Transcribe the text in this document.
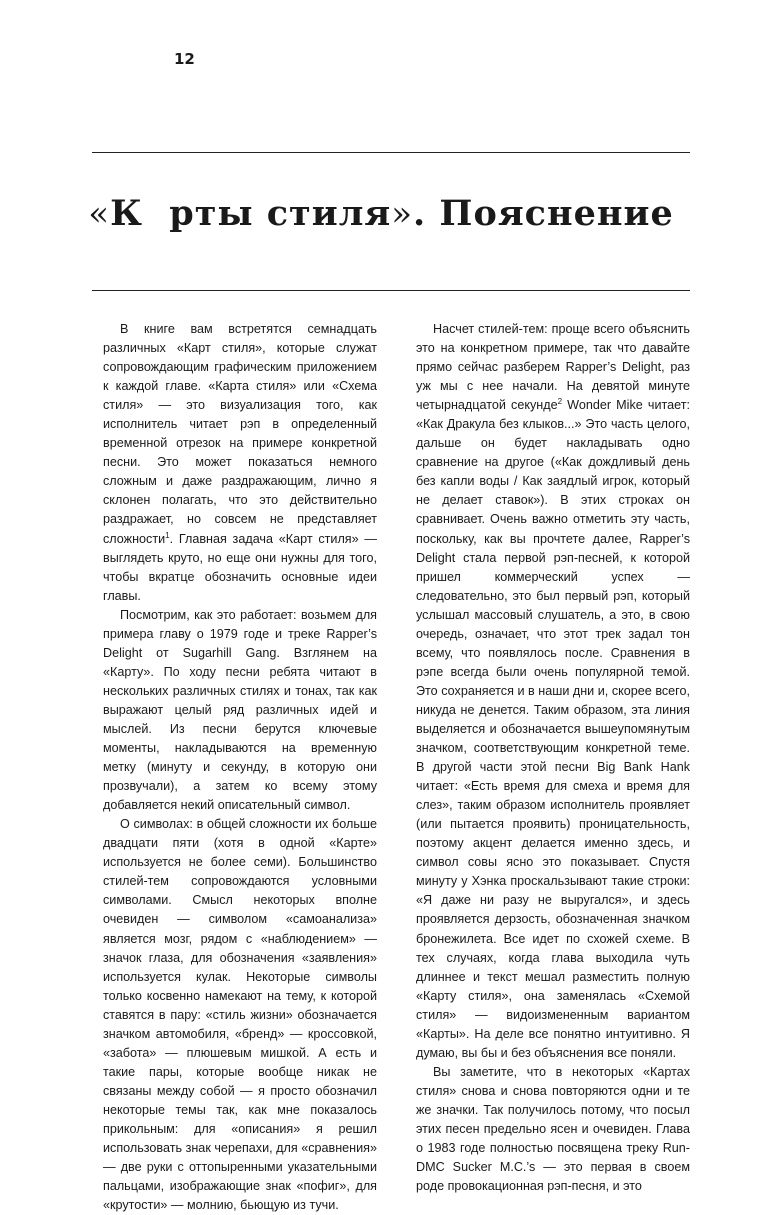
12
«К  рты стиля». Пояснение

В книге вам встретятся семнадцать различных «Карт стиля», которые служат сопровождающим графическим приложением к каждой главе. «Карта стиля» или «Схема стиля» — это визуализация того, как исполнитель читает рэп в определенный временной отрезок на примере конкретной песни. Это может показаться немного сложным и даже раздражающим, лично я склонен полагать, что это действительно раздражает, но совсем не представляет сложности$^1$. Главная задача «Карт стиля» — выглядеть круто, но еще они нужны для того, чтобы вкратце обозначить основные идеи главы.

Посмотрим, как это работает: возьмем для примера главу о 1979 годе и треке Rapper’s Delight от Sugarhill Gang. Взглянем на «Карту». По ходу песни ребята читают в нескольких различных стилях и тонах, так как выражают целый ряд различных идей и мыслей. Из песни берутся ключевые моменты, накладываются на временную метку (минуту и секунду, в которую они прозвучали), а затем ко всему этому добавляется некий описательный символ.

О символах: в общей сложности их больше двадцати пяти (хотя в одной «Карте» используется не более семи). Большинство стилей-тем сопровождаются условными символами. Смысл некоторых вполне очевиден — символом «самоанализа» является мозг, рядом с «наблюдением» — значок глаза, для обозначения «заявления» используется кулак. Некоторые символы только косвенно намекают на тему, к которой ставятся в пару: «стиль жизни» обозначается значком автомобиля, «бренд» — кроссовкой, «забота» — плюшевым мишкой. А есть и такие пары, которые вообще никак не связаны между собой — я просто обозначил некоторые темы так, как мне показалось прикольным: для «описания» я решил использовать знак черепахи, для «сравнения» — две руки с оттопыренными указательными пальцами, изображающие знак «пофиг», для «крутости» — молнию, бьющую из тучи.

Насчет стилей-тем: проще всего объяснить это на конкретном примере, так что давайте прямо сейчас разберем Rapper’s Delight, раз уж мы с нее начали. На девятой минуте четырнадцатой секунде$^2$ Wonder Mike читает: «Как Дракула без клыков...» Это часть целого, дальше он будет накладывать одно сравнение на другое («Как дождливый день без капли воды / Как заядлый игрок, который не делает ставок»). В этих строках он сравнивает. Очень важно отметить эту часть, поскольку, как вы прочтете далее, Rapper’s Delight стала первой рэп-песней, к которой пришел коммерческий успех — следовательно, это был первый рэп, который услышал массовый слушатель, а это, в свою очередь, означает, что этот трек задал тон всему, что появлялось после. Сравнения в рэпе всегда были очень популярной темой. Это сохраняется и в наши дни и, скорее всего, никуда не денется. Таким образом, эта линия выделяется и обозначается вышеупомянутым значком, соответствующим конкретной теме. В другой части этой песни Big Bank Hank читает: «Есть время для смеха и время для слез», таким образом исполнитель проявляет (или пытается проявить) проницательность, поэтому акцент делается именно здесь, и символ совы ясно это показывает. Спустя минуту у Хэнка проскальзывают такие строки: «Я даже ни разу не выругался», и здесь проявляется дерзость, обозначенная значком бронежилета. Все идет по схожей схеме. В тех случаях, когда глава выходила чуть длиннее и текст мешал разместить полную «Карту стиля», она заменялась «Схемой стиля» — видоизмененным вариантом «Карты». На деле все понятно интуитивно. Я думаю, вы бы и без объяснения все поняли.

Вы заметите, что в некоторых «Картах стиля» снова и снова повторяются одни и те же значки. Так получилось потому, что посыл этих песен предельно ясен и очевиден. Глава о 1983 годе полностью посвящена треку Run-DMC Sucker M.C.’s — это первая в своем роде провокационная рэп-песня, и это
